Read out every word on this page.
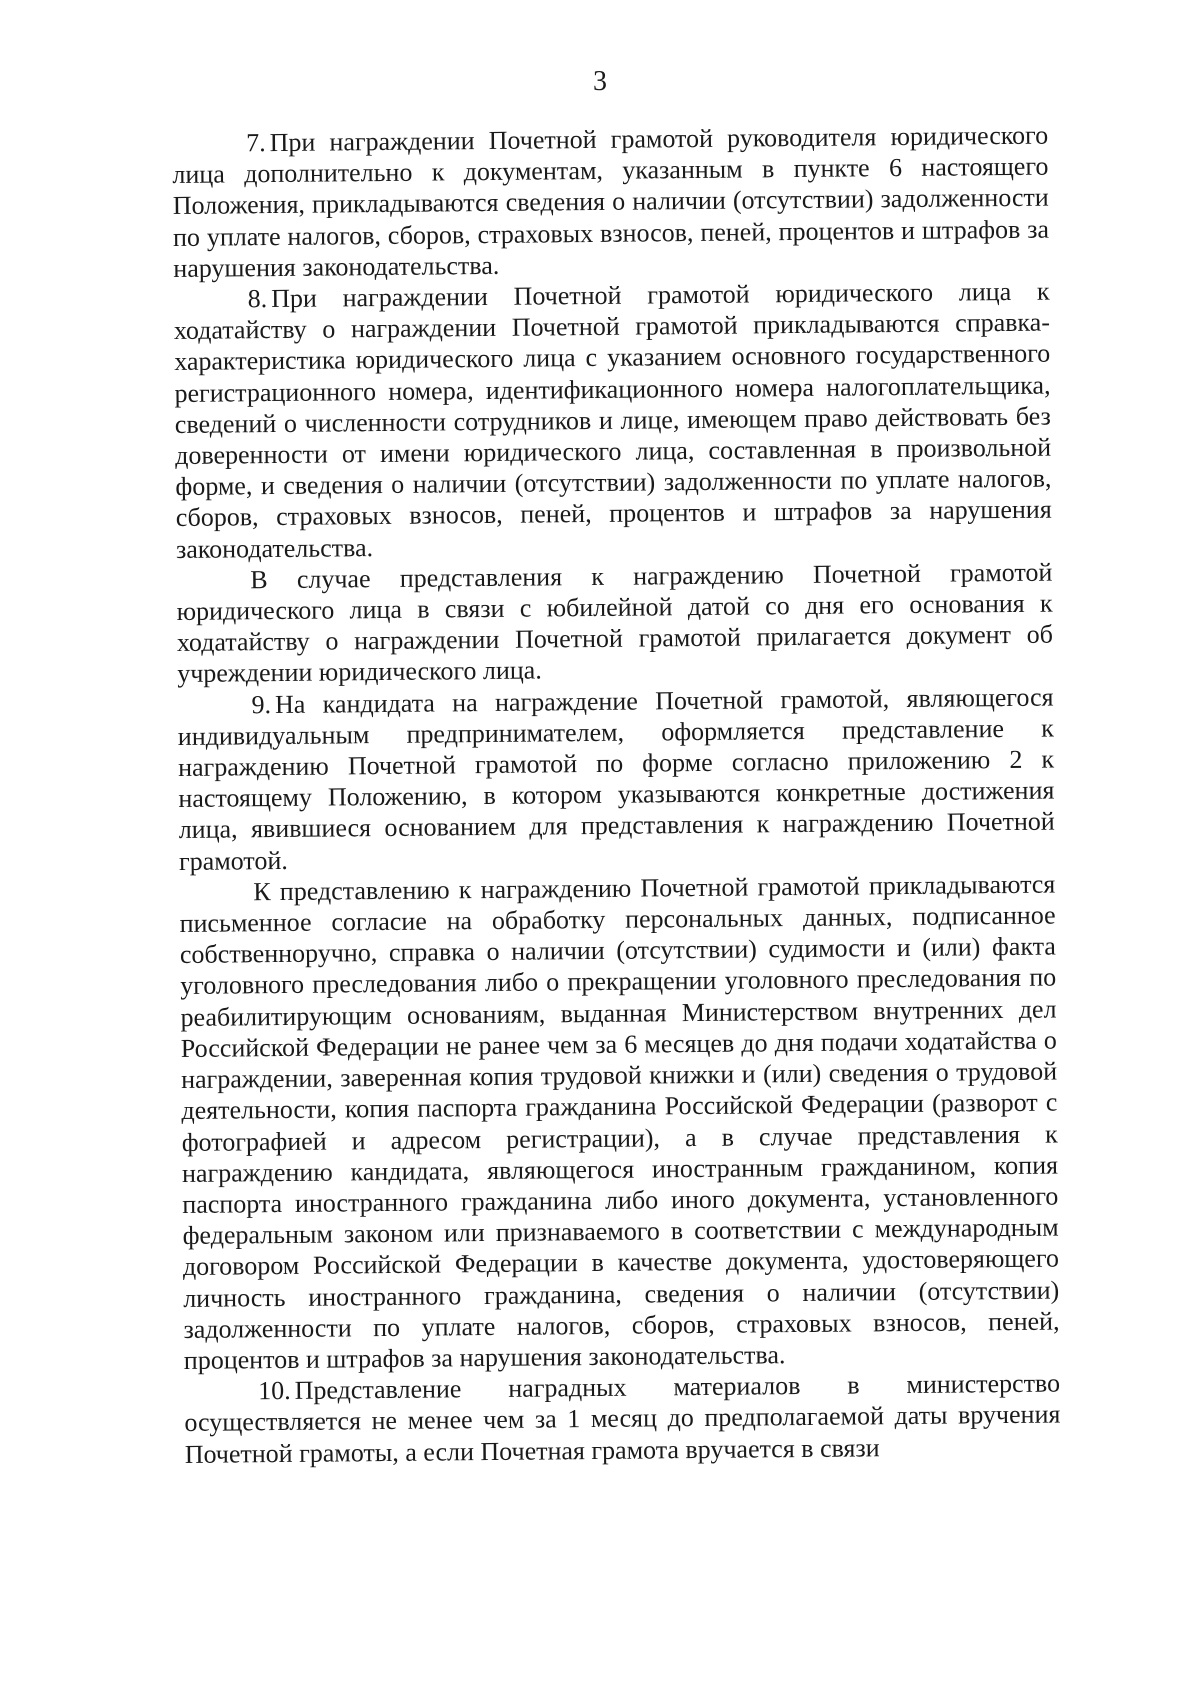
3

7. При награждении Почетной грамотой руководителя юридического лица дополнительно к документам, указанным в пункте 6 настоящего Положения, прикладываются сведения о наличии (отсутствии) задолженности по уплате налогов, сборов, страховых взносов, пеней, процентов и штрафов за нарушения законодательства.

8. При награждении Почетной грамотой юридического лица к ходатайству о награждении Почетной грамотой прикладываются справка-характеристика юридического лица с указанием основного государственного регистрационного номера, идентификационного номера налогоплательщика, сведений о численности сотрудников и лице, имеющем право действовать без доверенности от имени юридического лица, составленная в произвольной форме, и сведения о наличии (отсутствии) задолженности по уплате налогов, сборов, страховых взносов, пеней, процентов и штрафов за нарушения законодательства.

В случае представления к награждению Почетной грамотой юридического лица в связи с юбилейной датой со дня его основания к ходатайству о награждении Почетной грамотой прилагается документ об учреждении юридического лица.

9. На кандидата на награждение Почетной грамотой, являющегося индивидуальным предпринимателем, оформляется представление к награждению Почетной грамотой по форме согласно приложению 2 к настоящему Положению, в котором указываются конкретные достижения лица, явившиеся основанием для представления к награждению Почетной грамотой.

К представлению к награждению Почетной грамотой прикладываются письменное согласие на обработку персональных данных, подписанное собственноручно, справка о наличии (отсутствии) судимости и (или) факта уголовного преследования либо о прекращении уголовного преследования по реабилитирующим основаниям, выданная Министерством внутренних дел Российской Федерации не ранее чем за 6 месяцев до дня подачи ходатайства о награждении, заверенная копия трудовой книжки и (или) сведения о трудовой деятельности, копия паспорта гражданина Российской Федерации (разворот с фотографией и адресом регистрации), а в случае представления к награждению кандидата, являющегося иностранным гражданином, копия паспорта иностранного гражданина либо иного документа, установленного федеральным законом или признаваемого в соответствии с международным договором Российской Федерации в качестве документа, удостоверяющего личность иностранного гражданина, сведения о наличии (отсутствии) задолженности по уплате налогов, сборов, страховых взносов, пеней, процентов и штрафов за нарушения законодательства.

10. Представление наградных материалов в министерство осуществляется не менее чем за 1 месяц до предполагаемой даты вручения Почетной грамоты, а если Почетная грамота вручается в связи
